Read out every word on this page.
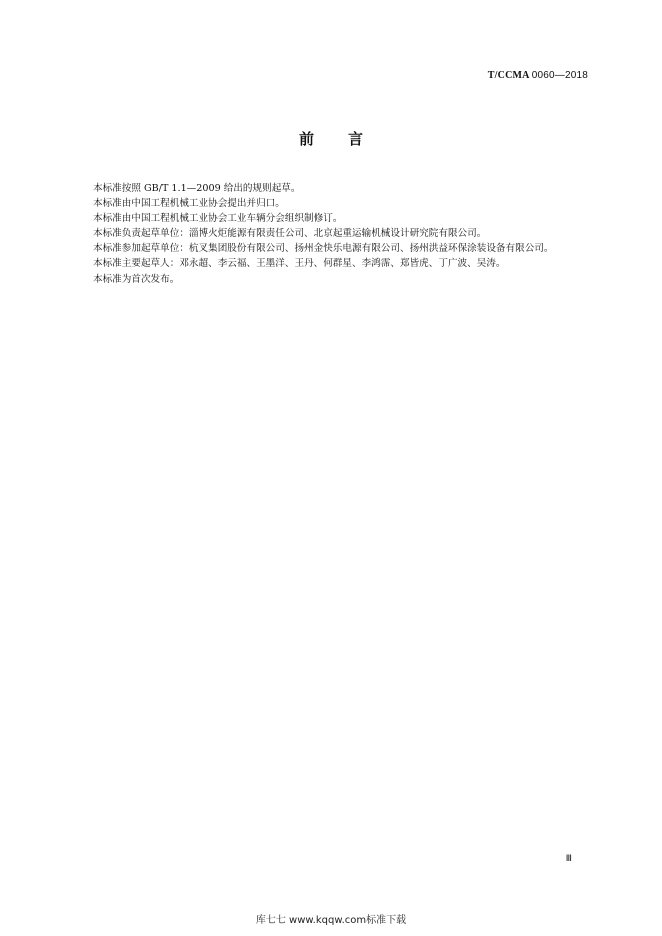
T/CCMA 0060—2018
前言

本标准按照 GB/T 1.1—2009 给出的规则起草。

本标准由中国工程机械工业协会提出并归口。

本标准由中国工程机械工业协会工业车辆分会组织制修订。

本标准负责起草单位：淄博火炬能源有限责任公司、北京起重运输机械设计研究院有限公司。

本标准参加起草单位：杭叉集团股份有限公司、扬州金快乐电源有限公司、扬州洪益环保涂装设备有限公司。

本标准主要起草人：邓永超、李云福、王墨洋、王丹、何群星、李鸿霈、郑皆虎、丁广波、吴涛。

本标准为首次发布。

Ⅲ
库七七 www.kqqw.com标准下载
